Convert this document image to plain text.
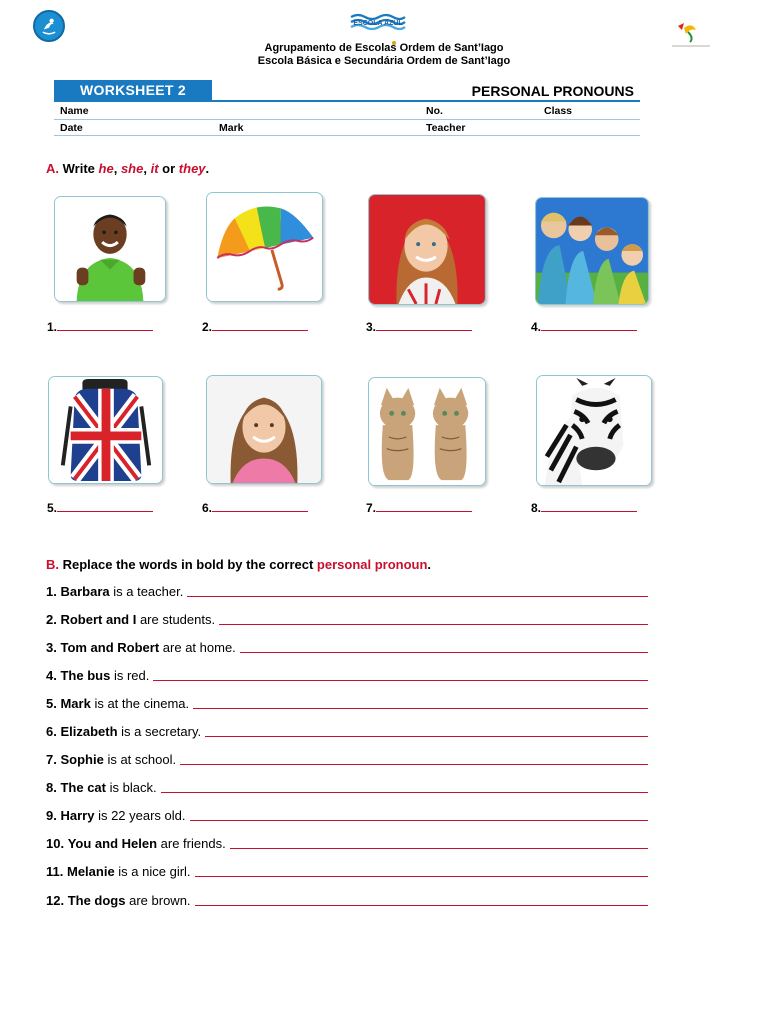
ESCOLA AZUL
Agrupamento de Escolas Ordem de Sant’Iago
Escola Básica e Secundária Ordem de Sant’Iago
WORKSHEET 2	PERSONAL PRONOUNS
Name	No.	Class
Date	Mark	Teacher
A. Write he, she, it or they.
1.	2.	3.	4.
5.	6.	7.	8.
B. Replace the words in bold by the correct personal pronoun.
1. Barbara is a teacher.
2. Robert and I are students.
3. Tom and Robert are at home.
4. The bus is red.
5. Mark is at the cinema.
6. Elizabeth is a secretary.
7. Sophie is at school.
8. The cat is black.
9. Harry is 22 years old.
10. You and Helen are friends.
11. Melanie is a nice girl.
12. The dogs are brown.
